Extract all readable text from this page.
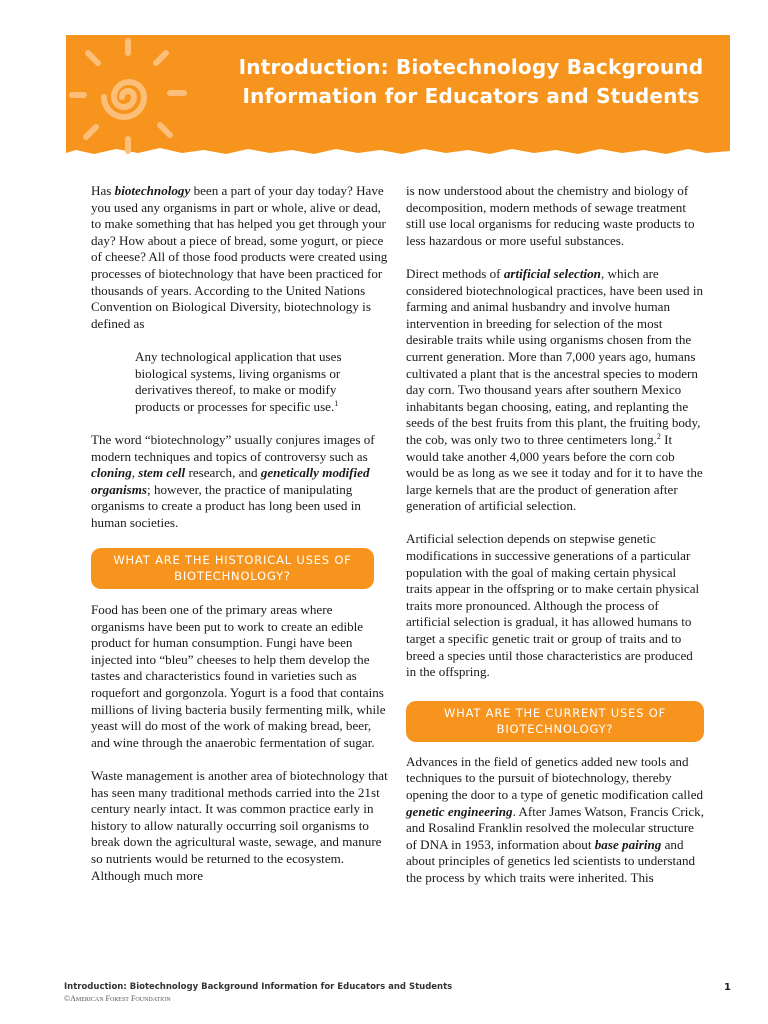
Introduction: Biotechnology Background
Information for Educators and Students

Has biotechnology been a part of your day today? Have you used any organisms in part or whole, alive or dead, to make something that has helped you get through your day? How about a piece of bread, some yogurt, or piece of cheese? All of those food products were created using processes of biotechnology that have been practiced for thousands of years. According to the United Nations Convention on Biological Diversity, biotechnology is defined as

Any technological application that uses biological systems, living organisms or derivatives thereof, to make or modify products or processes for specific use.$^1$

The word “biotechnology” usually conjures images of modern techniques and topics of controversy such as cloning, stem cell research, and genetically modified organisms; however, the practice of manipulating organisms to create a product has long been used in human societies.

WHAT ARE THE HISTORICAL USES OF BIOTECHNOLOGY?

Food has been one of the primary areas where organisms have been put to work to create an edible product for human consumption. Fungi have been injected into “bleu” cheeses to help them develop the tastes and characteristics found in varieties such as roquefort and gorgonzola. Yogurt is a food that contains millions of living bacteria busily fermenting milk, while yeast will do most of the work of making bread, beer, and wine through the anaerobic fermentation of sugar.

Waste management is another area of biotechnology that has seen many traditional methods carried into the 21st century nearly intact. It was common practice early in history to allow naturally occurring soil organisms to break down the agricultural waste, sewage, and manure so nutrients would be returned to the ecosystem. Although much more

is now understood about the chemistry and biology of decomposition, modern methods of sewage treatment still use local organisms for reducing waste products to less hazardous or more useful substances.

Direct methods of artificial selection, which are considered biotechnological practices, have been used in farming and animal husbandry and involve human intervention in breeding for selection of the most desirable traits while using organisms chosen from the current generation. More than 7,000 years ago, humans cultivated a plant that is the ancestral species to modern day corn. Two thousand years after southern Mexico inhabitants began choosing, eating, and replanting the seeds of the best fruits from this plant, the fruiting body, the cob, was only two to three centimeters long.$^2$ It would take another 4,000 years before the corn cob would be as long as we see it today and for it to have the large kernels that are the product of generation after generation of artificial selection.

Artificial selection depends on stepwise genetic modifications in successive generations of a particular population with the goal of making certain physical traits appear in the offspring or to make certain physical traits more pronounced. Although the process of artificial selection is gradual, it has allowed humans to target a specific genetic trait or group of traits and to breed a species until those characteristics are produced in the offspring.

WHAT ARE THE CURRENT USES OF BIOTECHNOLOGY?

Advances in the field of genetics added new tools and techniques to the pursuit of biotechnology, thereby opening the door to a type of genetic modification called genetic engineering. After James Watson, Francis Crick, and Rosalind Franklin resolved the molecular structure of DNA in 1953, information about base pairing and about principles of genetics led scientists to understand the process by which traits were inherited. This

Introduction: Biotechnology Background Information for Educators and Students
©American Forest Foundation
1
